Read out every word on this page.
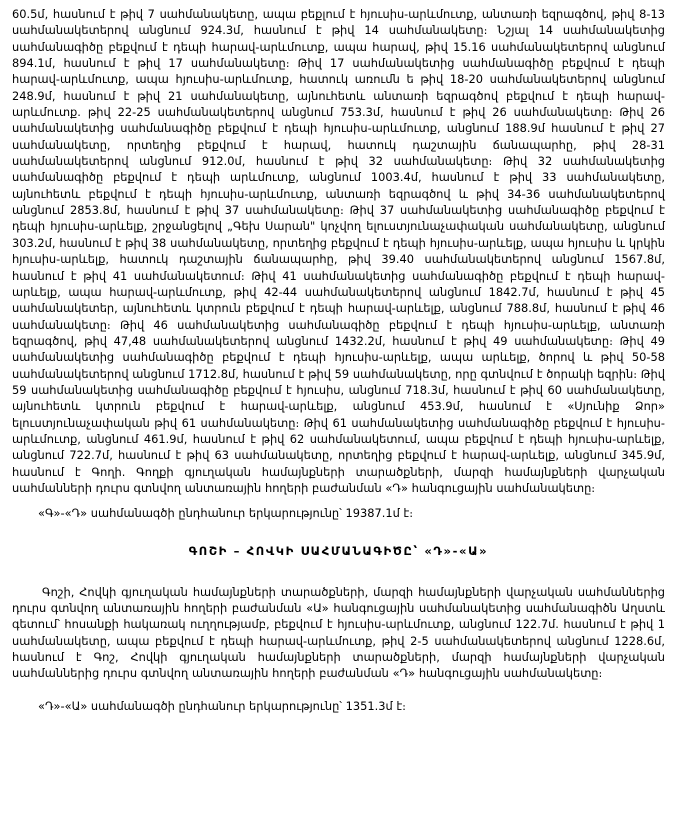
60.5մ, հասնում է թիվ 7 սահմանակետը, ապա բեքլում է հյուսիս-արևմուտք, անտառի եզրագծով, թիվ 8-13 սահմանակետերով անցնում 924.3մ, հասնում է թիվ 14 սահմանակետը։ Նշյալ 14 սահմանակետից սահմանագիծը բեքվում է դեպի հարավ-արևմուտք, ապա հարավ, թիվ 15.16 սահմանակետերով անցնում 894.1մ, հասնում է թիվ 17 սահմանակետը։ Թիվ 17 սահմանակետից սահմանագիծը բեքվում է դեպի հարավ-արևմուտք, ապա հյուսիս-արևմուտք, հատուկ առումն ե թիվ 18-20 սահմանակետերով անցնում 248.9մ, հասնում է թիվ 21 սահմանակետը, այնուհետև անտառի եզրագծով բեքվում է դեպի հարավ-արևմուտք. թիվ 22-25 սահմանակետերով անցնում 753.3մ, հասնում է թիվ 26 սահմանակետը։ Թիվ 26 սահմանակետից սահմանագիծը բեքվում է դեպի հյուսիս-արևմուտք, անցնում 188.9մ հասնում է թիվ 27 սահմանակետը, որտեղից բեքվում է հարավ, հատուկ դաշտային ճանապարհը, թիվ 28-31 սահմանակետերով անցնում 912.0մ, հասնում է թիվ 32 սահմանակետը։ Թիվ 32 սահմանակետից սահմանագիծը բեքվում է դեպի արևմուտք, անցնում 1003.4մ, հասնում է թիվ 33 սահմանակետը, այնուհետև բեքվում է դեպի հյուսիս-արևմուտք, անտառի եզրագծով և թիվ 34-36 սահմանակետերով անցնում 2853.8մ, հասնում է թիվ 37 սահմանակետը։ Թիվ 37 սահմանակետից սահմանագիծը բեքվում է դեպի հյուսիս-արևելք, շրջանցելով „Գեխ Սարան" կոչվող ելուստյունաչափական սահմանակետը, անցնում 303.2մ, հասնում է թիվ 38 սահմանակետը, որտեղից բեքվում է դեպի հյուսիս-արևելք, ապա հյուսիս և կրկին հյուսիս-արևելք, հատուկ դաշտային ճանապարհը, թիվ 39.40 սահմանակետերով անցնում 1567.8մ, հասնում է թիվ 41 սահմանակետում։ Թիվ 41 սահմանակետից սահմանագիծը բեքվում է դեպի հարավ-արևելք, ապա հարավ-արևմուտք, թիվ 42-44 սահմանակետերով անցնում 1842.7մ, հասնում է թիվ 45 սահմանակետեր, այնուհետև կտրուն բեքվում է դեպի հարավ-արևելք, անցնում 788.8մ, հասնում է թիվ 46 սահմանակետը։ Թիվ 46 սահմանակետից սահմանագիծը բեքվում է դեպի հյուսիս-արևելք, անտառի եզրագծով, թիվ 47,48 սահմանակետերով անցնում 1432.2մ, հասնում է թիվ 49 սահմանակետը։ Թիվ 49 սահմանակետից սահմանագիծը բեքվում է դեպի հյուսիս-արևելք, ապա արևելք, ծորով և թիվ 50-58 սահմանակետերով անցնում 1712.8մ, հասնում է թիվ 59 սահմանակետը, որը գտնվում է ծորակի եզրին։ Թիվ 59 սահմանակետից սահմանագիծը բեքվում է հյուսիս, անցնում 718.3մ, հասնում է թիվ 60 սահմանակետը, այնուհետև կտրուն բեքվում է հարավ-արևելք, անցնում 453.9մ, հասնում է «Սյունիք Ձոր» ելուստյունաչափական թիվ 61 սահմանակետը։ Թիվ 61 սահմանակետից սահմանագիծը բեքվում է հյուսիս-արևմուտք, անցնում 461.9մ, հասնում է թիվ 62 սահմանակետում, ապա բեքվում է դեպի հյուսիս-արևելք, անցնում 722.7մ, հասնում է թիվ 63 սահմանակետը, որտեղից բեքվում է հարավ-արևելք, անցնում 345.9մ, հասնում է Գողի. Գողքի գյուղական համայնքների տարածքների, մարզի համայնքների վարչական սահմանների դուրս գտնվող անտառային հողերի բաժանման «Դ» հանգուցային սահմանակետը։

«Գ»-«Դ» սահմանագծի ընդհանուր երկարությունը՝ 19387.1մ է։

ԳՈՇԻ – ՀՈՎԿԻ ՍԱՀՄԱՆԱԳԻԾԸ՝ «Դ»-«Ա»

Գոշի, Հովկի գյուղական համայնքների տարածքների, մարզի համայնքների վարչական սահմաններից դուրս գտնվող անտառային հողերի բաժանման «Ա» հանգուցային սահմանակետից սահմանագիծն Աղստև գետում՝ հոսանքի հակառակ ուղղությամբ, բեքվում է հյուսիս-արևմուտք, անցնում 122.7մ. հասնում է թիվ 1 սահմանակետը, ապա բեքվում է դեպի հարավ-արևմուտք, թիվ 2-5 սահմանակետերով անցնում 1228.6մ, հասնում է Գոշ, Հովկի գյուղական համայնքների տարածքների, մարզի համայնքների վարչական սահմաններից դուրս գտնվող անտառային հողերի բաժանման «Դ» հանգուցային սահմանակետը։

«Դ»-«Ա» սահմանագծի ընդհանուր երկարությունը՝ 1351.3մ է։
